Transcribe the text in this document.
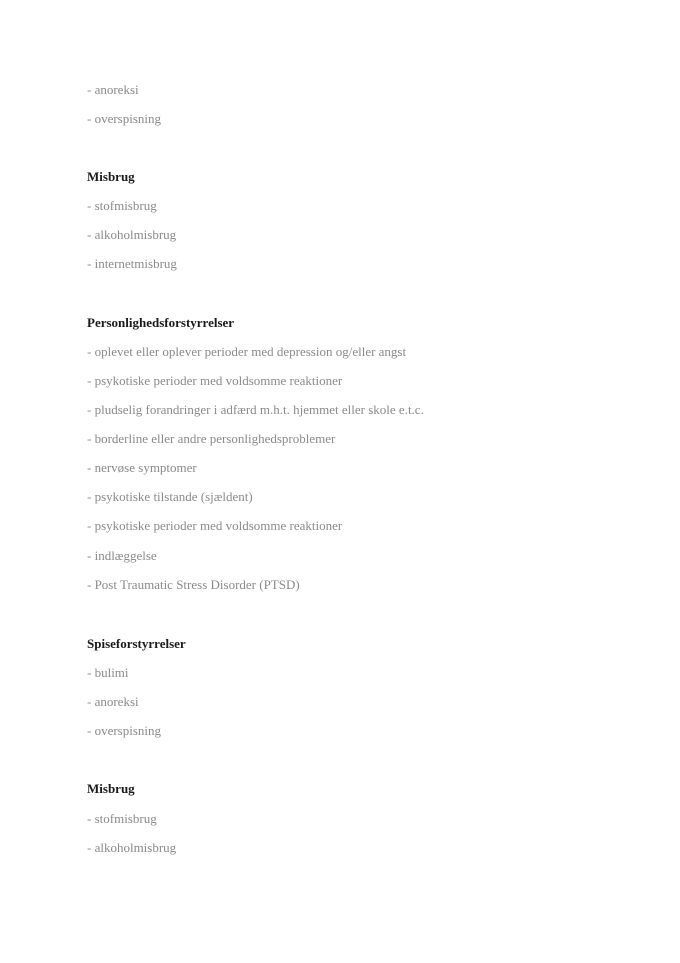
- anoreksi
- overspisning
Misbrug
- stofmisbrug
- alkoholmisbrug
- internetmisbrug
Personlighedsforstyrrelser
- oplevet eller oplever perioder med depression og/eller angst
- psykotiske perioder med voldsomme reaktioner
- pludselig forandringer i adfærd m.h.t. hjemmet eller skole e.t.c.
- borderline eller andre personlighedsproblemer
- nervøse symptomer
- psykotiske tilstande (sjældent)
- psykotiske perioder med voldsomme reaktioner
- indlæggelse
- Post Traumatic Stress Disorder (PTSD)
Spiseforstyrrelser
- bulimi
- anoreksi
- overspisning
Misbrug
- stofmisbrug
- alkoholmisbrug
